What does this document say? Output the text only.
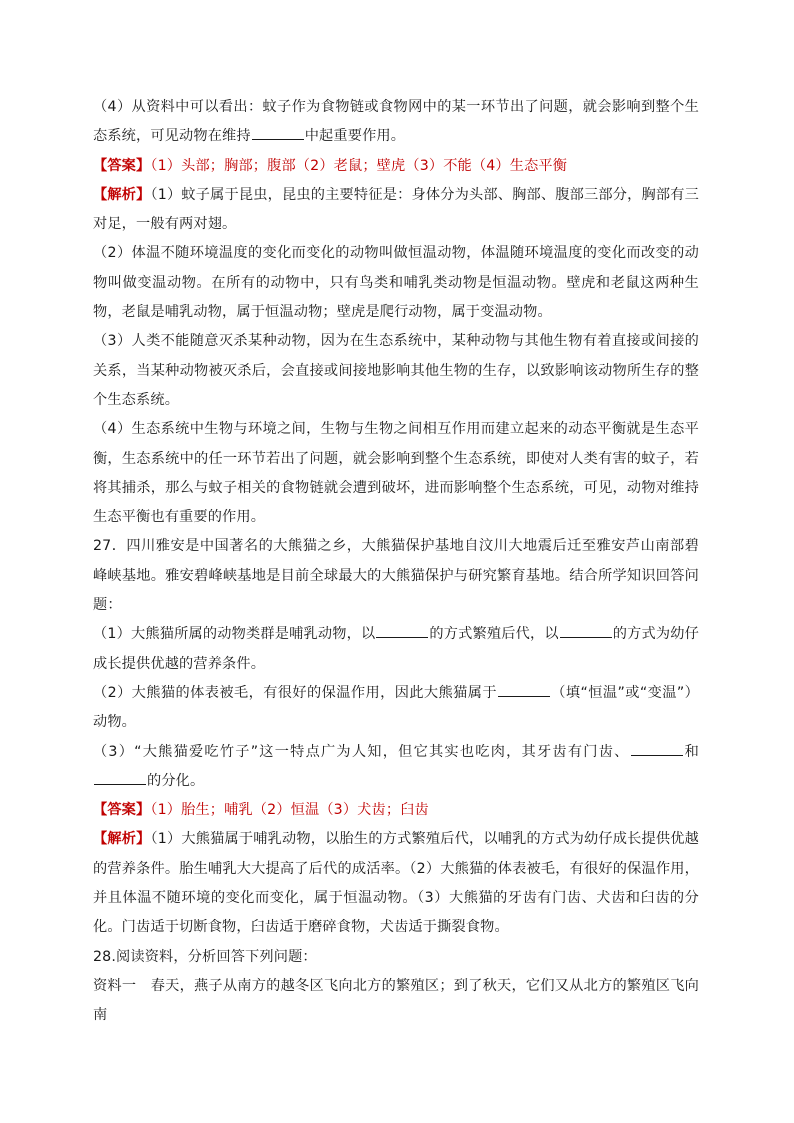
（4）从资料中可以看出：蚊子作为食物链或食物网中的某一环节出了问题，就会影响到整个生态系统，可见动物在维持	中起重要作用。

【答案】（1）头部；胸部；腹部（2）老鼠；壁虎（3）不能（4）生态平衡

【解析】（1）蚊子属于昆虫，昆虫的主要特征是：身体分为头部、胸部、腹部三部分，胸部有三对足，一般有两对翅。

（2）体温不随环境温度的变化而变化的动物叫做恒温动物，体温随环境温度的变化而改变的动物叫做变温动物。在所有的动物中，只有鸟类和哺乳类动物是恒温动物。壁虎和老鼠这两种生物，老鼠是哺乳动物，属于恒温动物；壁虎是爬行动物，属于变温动物。

（3）人类不能随意灭杀某种动物，因为在生态系统中，某种动物与其他生物有着直接或间接的关系，当某种动物被灭杀后，会直接或间接地影响其他生物的生存，以致影响该动物所生存的整个生态系统。

（4）生态系统中生物与环境之间，生物与生物之间相互作用而建立起来的动态平衡就是生态平衡，生态系统中的任一环节若出了问题，就会影响到整个生态系统，即使对人类有害的蚊子，若将其捕杀，那么与蚊子相关的食物链就会遭到破坏，进而影响整个生态系统，可见，动物对维持生态平衡也有重要的作用。

27．四川雅安是中国著名的大熊猫之乡，大熊猫保护基地自汶川大地震后迁至雅安芦山南部碧峰峡基地。雅安碧峰峡基地是目前全球最大的大熊猫保护与研究繁育基地。结合所学知识回答问题：

（1）大熊猫所属的动物类群是哺乳动物，以	的方式繁殖后代，以	的方式为幼仔成长提供优越的营养条件。

（2）大熊猫的体表被毛，有很好的保温作用，因此大熊猫属于	（填“恒温”或“变温”）动物。

（3）“大熊猫爱吃竹子”这一特点广为人知，但它其实也吃肉，其牙齿有门齿、	和的分化。

【答案】（1）胎生；哺乳（2）恒温（3）犬齿；臼齿

【解析】（1）大熊猫属于哺乳动物，以胎生的方式繁殖后代，以哺乳的方式为幼仔成长提供优越的营养条件。胎生哺乳大大提高了后代的成活率。（2）大熊猫的体表被毛，有很好的保温作用，并且体温不随环境的变化而变化，属于恒温动物。（3）大熊猫的牙齿有门齿、犬齿和臼齿的分化。门齿适于切断食物，臼齿适于磨碎食物，犬齿适于撕裂食物。

28.阅读资料，分析回答下列问题：

资料一　春天，燕子从南方的越冬区飞向北方的繁殖区；到了秋天，它们又从北方的繁殖区飞向南
